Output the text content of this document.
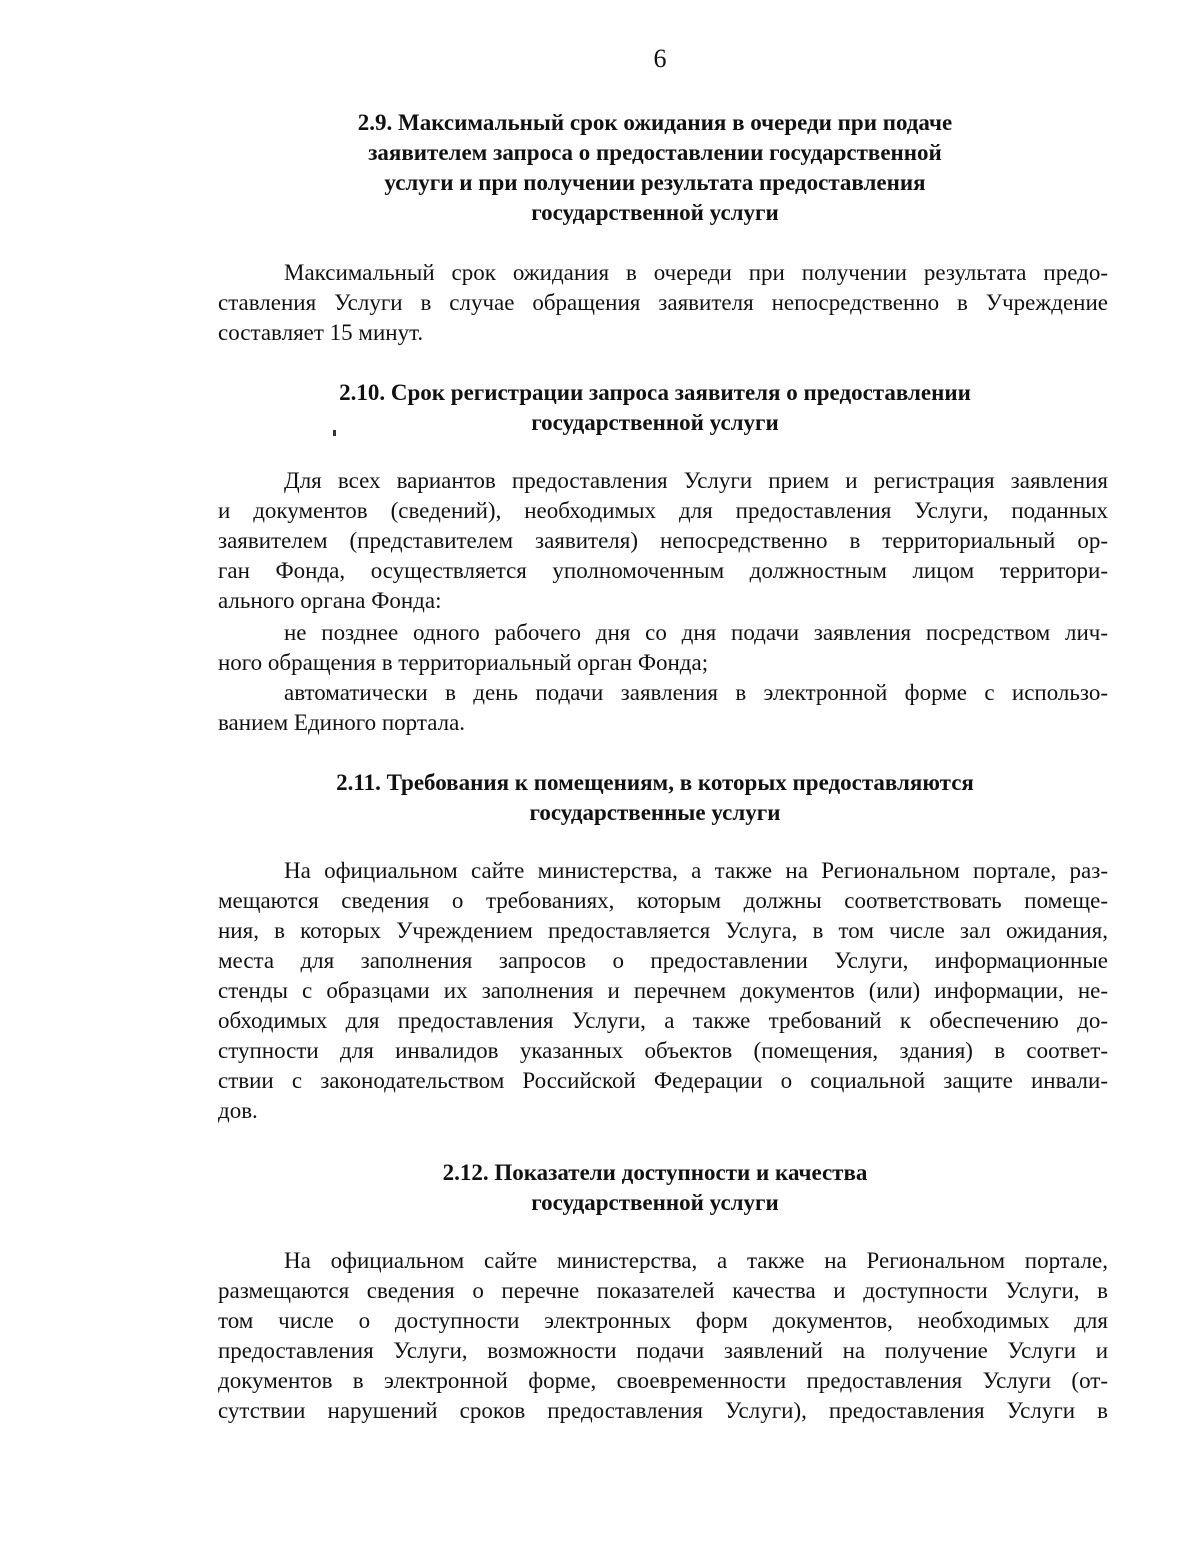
6
2.9. Максимальный срок ожидания в очереди при подаче
заявителем запроса о предоставлении государственной
услуги и при получении результата предоставления
государственной услуги
Максимальный срок ожидания в очереди при получении результата предо-
ставления Услуги в случае обращения заявителя непосредственно в Учреждение
составляет 15 минут.
2.10. Срок регистрации запроса заявителя о предоставлении
государственной услуги
Для всех вариантов предоставления Услуги прием и регистрация заявления
и документов (сведений), необходимых для предоставления Услуги, поданных
заявителем (представителем заявителя) непосредственно в территориальный ор-
ган Фонда, осуществляется уполномоченным должностным лицом территори-
ального органа Фонда:
не позднее одного рабочего дня со дня подачи заявления посредством лич-
ного обращения в территориальный орган Фонда;
автоматически в день подачи заявления в электронной форме с использо-
ванием Единого портала.
2.11. Требования к помещениям, в которых предоставляются
государственные услуги
На официальном сайте министерства, а также на Региональном портале, раз-
мещаются сведения о требованиях, которым должны соответствовать помеще-
ния, в которых Учреждением предоставляется Услуга, в том числе зал ожидания,
места для заполнения запросов о предоставлении Услуги, информационные
стенды с образцами их заполнения и перечнем документов (или) информации, не-
обходимых для предоставления Услуги, а также требований к обеспечению до-
ступности для инвалидов указанных объектов (помещения, здания) в соответ-
ствии с законодательством Российской Федерации о социальной защите инвали-
дов.
2.12. Показатели доступности и качества
государственной услуги
На официальном сайте министерства, а также на Региональном портале,
размещаются сведения о перечне показателей качества и доступности Услуги, в
том числе о доступности электронных форм документов, необходимых для
предоставления Услуги, возможности подачи заявлений на получение Услуги и
документов в электронной форме, своевременности предоставления Услуги (от-
сутствии нарушений сроков предоставления Услуги), предоставления Услуги в
